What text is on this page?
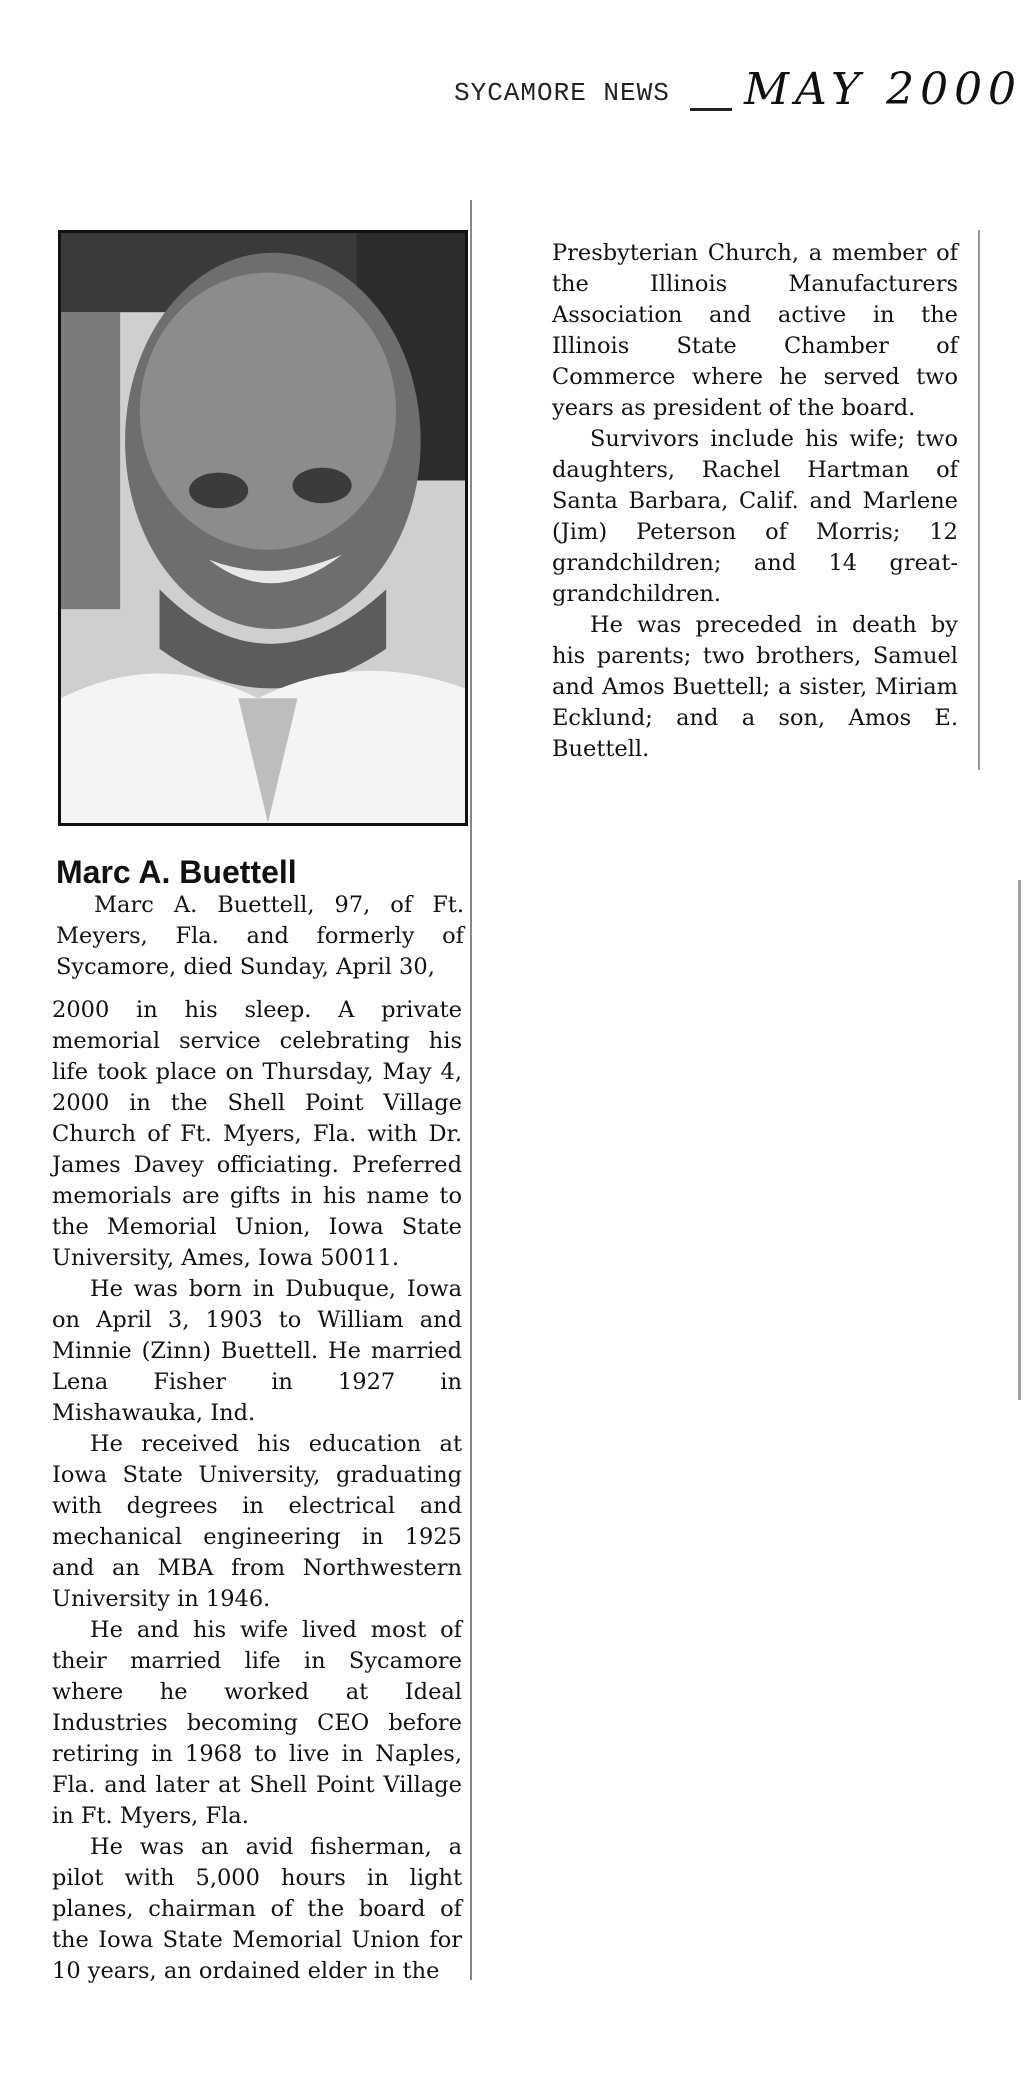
SYCAMORE NEWS MAY 2000
Marc A. Buettell

Marc A. Buettell, 97, of Ft. Meyers, Fla. and formerly of Sycamore, died Sunday, April 30,

2000 in his sleep. A private memorial service celebrating his life took place on Thursday, May 4, 2000 in the Shell Point Village Church of Ft. Myers, Fla. with Dr. James Davey officiating. Preferred memorials are gifts in his name to the Memorial Union, Iowa State University, Ames, Iowa 50011.

He was born in Dubuque, Iowa on April 3, 1903 to William and Minnie (Zinn) Buettell. He married Lena Fisher in 1927 in Mishawauka, Ind.

He received his education at Iowa State University, graduating with degrees in electrical and mechanical engineering in 1925 and an MBA from Northwestern University in 1946.

He and his wife lived most of their married life in Sycamore where he worked at Ideal Industries becoming CEO before retiring in 1968 to live in Naples, Fla. and later at Shell Point Village in Ft. Myers, Fla.

He was an avid fisherman, a pilot with 5,000 hours in light planes, chairman of the board of the Iowa State Memorial Union for 10 years, an ordained elder in the

Presbyterian Church, a member of the Illinois Manufacturers Association and active in the Illinois State Chamber of Commerce where he served two years as president of the board.

Survivors include his wife; two daughters, Rachel Hartman of Santa Barbara, Calif. and Marlene (Jim) Peterson of Morris; 12 grandchildren; and 14 great-grandchildren.

He was preceded in death by his parents; two brothers, Samuel and Amos Buettell; a sister, Miriam Ecklund; and a son, Amos E. Buettell.
